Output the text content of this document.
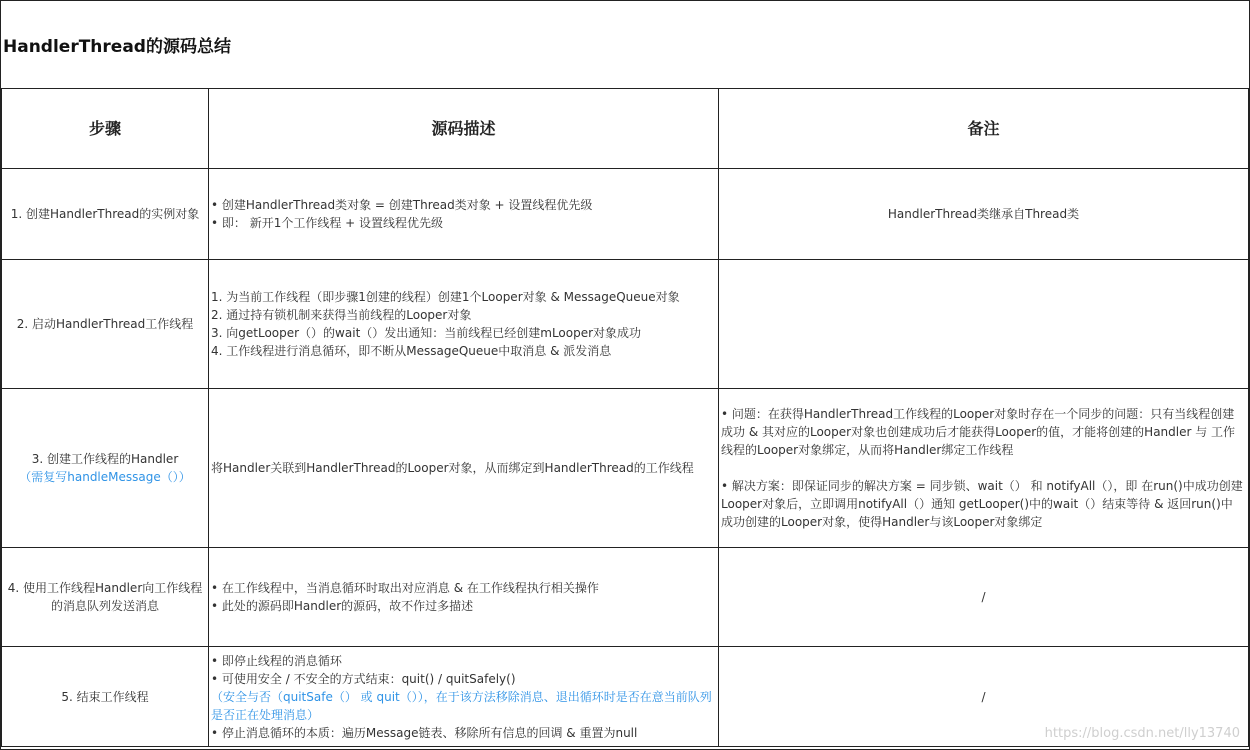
HandlerThread的源码总结
步骤	源码描述	备注
1. 创建HandlerThread的实例对象
• 创建HandlerThread类对象 = 创建Thread类对象 + 设置线程优先级
• 即： 新开1个工作线程 + 设置线程优先级
HandlerThread类继承自Thread类
2. 启动HandlerThread工作线程
1. 为当前工作线程（即步骤1创建的线程）创建1个Looper对象 & MessageQueue对象
2. 通过持有锁机制来获得当前线程的Looper对象
3. 向getLooper（）的wait（）发出通知：当前线程已经创建mLooper对象成功
4. 工作线程进行消息循环，即不断从MessageQueue中取消息 & 派发消息
3. 创建工作线程的Handler
（需复写handleMessage（））
将Handler关联到HandlerThread的Looper对象，从而绑定到HandlerThread的工作线程
• 问题：在获得HandlerThread工作线程的Looper对象时存在一个同步的问题：只有当线程创建成功 & 其对应的Looper对象也创建成功后才能获得Looper的值，才能将创建的Handler 与 工作线程的Looper对象绑定，从而将Handler绑定工作线程
• 解决方案：即保证同步的解决方案 = 同步锁、wait（） 和 notifyAll（），即 在run()中成功创建Looper对象后，立即调用notifyAll（）通知 getLooper()中的wait（）结束等待 & 返回run()中成功创建的Looper对象，使得Handler与该Looper对象绑定
4. 使用工作线程Handler向工作线程的消息队列发送消息
• 在工作线程中，当消息循环时取出对应消息 & 在工作线程执行相关操作
• 此处的源码即Handler的源码，故不作过多描述
/
5. 结束工作线程
• 即停止线程的消息循环
• 可使用安全 / 不安全的方式结束：quit() / quitSafely()
（安全与否（quitSafe（） 或 quit（）），在于该方法移除消息、退出循环时是否在意当前队列是否正在处理消息）
• 停止消息循环的本质：遍历Message链表、移除所有信息的回调 & 重置为null
/
https://blog.csdn.net/lly13740
